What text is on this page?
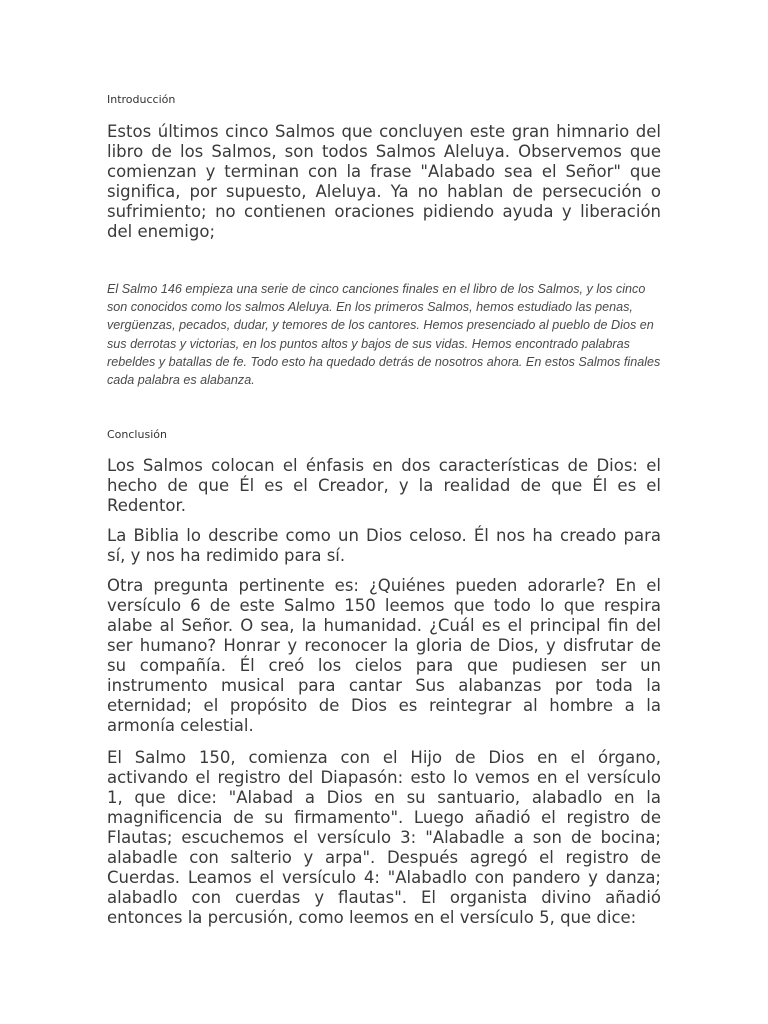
Introducción

Estos últimos cinco Salmos que concluyen este gran himnario del libro de los Salmos, son todos Salmos Aleluya. Observemos que comienzan y terminan con la frase "Alabado sea el Señor" que significa, por supuesto, Aleluya. Ya no hablan de persecución o sufrimiento; no contienen oraciones pidiendo ayuda y liberación del enemigo;

El Salmo 146 empieza una serie de cinco canciones finales en el libro de los Salmos, y los cinco son conocidos como los salmos Aleluya. En los primeros Salmos, hemos estudiado las penas, vergüenzas, pecados, dudar, y temores de los cantores. Hemos presenciado al pueblo de Dios en sus derrotas y victorias, en los puntos altos y bajos de sus vidas. Hemos encontrado palabras rebeldes y batallas de fe. Todo esto ha quedado detrás de nosotros ahora. En estos Salmos finales cada palabra es alabanza.

Conclusión

Los Salmos colocan el énfasis en dos características de Dios: el hecho de que Él es el Creador, y la realidad de que Él es el Redentor.

La Biblia lo describe como un Dios celoso. Él nos ha creado para sí, y nos ha redimido para sí.

Otra pregunta pertinente es: ¿Quiénes pueden adorarle? En el versículo 6 de este Salmo 150 leemos que todo lo que respira alabe al Señor. O sea, la humanidad. ¿Cuál es el principal fin del ser humano? Honrar y reconocer la gloria de Dios, y disfrutar de su compañía. Él creó los cielos para que pudiesen ser un instrumento musical para cantar Sus alabanzas por toda la eternidad; el propósito de Dios es reintegrar al hombre a la armonía celestial.

El Salmo 150, comienza con el Hijo de Dios en el órgano, activando el registro del Diapasón: esto lo vemos en el versículo 1, que dice: "Alabad a Dios en su santuario, alabadlo en la magnificencia de su firmamento". Luego añadió el registro de Flautas; escuchemos el versículo 3: "Alabadle a son de bocina; alabadle con salterio y arpa". Después agregó el registro de Cuerdas. Leamos el versículo 4: "Alabadlo con pandero y danza; alabadlo con cuerdas y flautas". El organista divino añadió entonces la percusión, como leemos en el versículo 5, que dice:
